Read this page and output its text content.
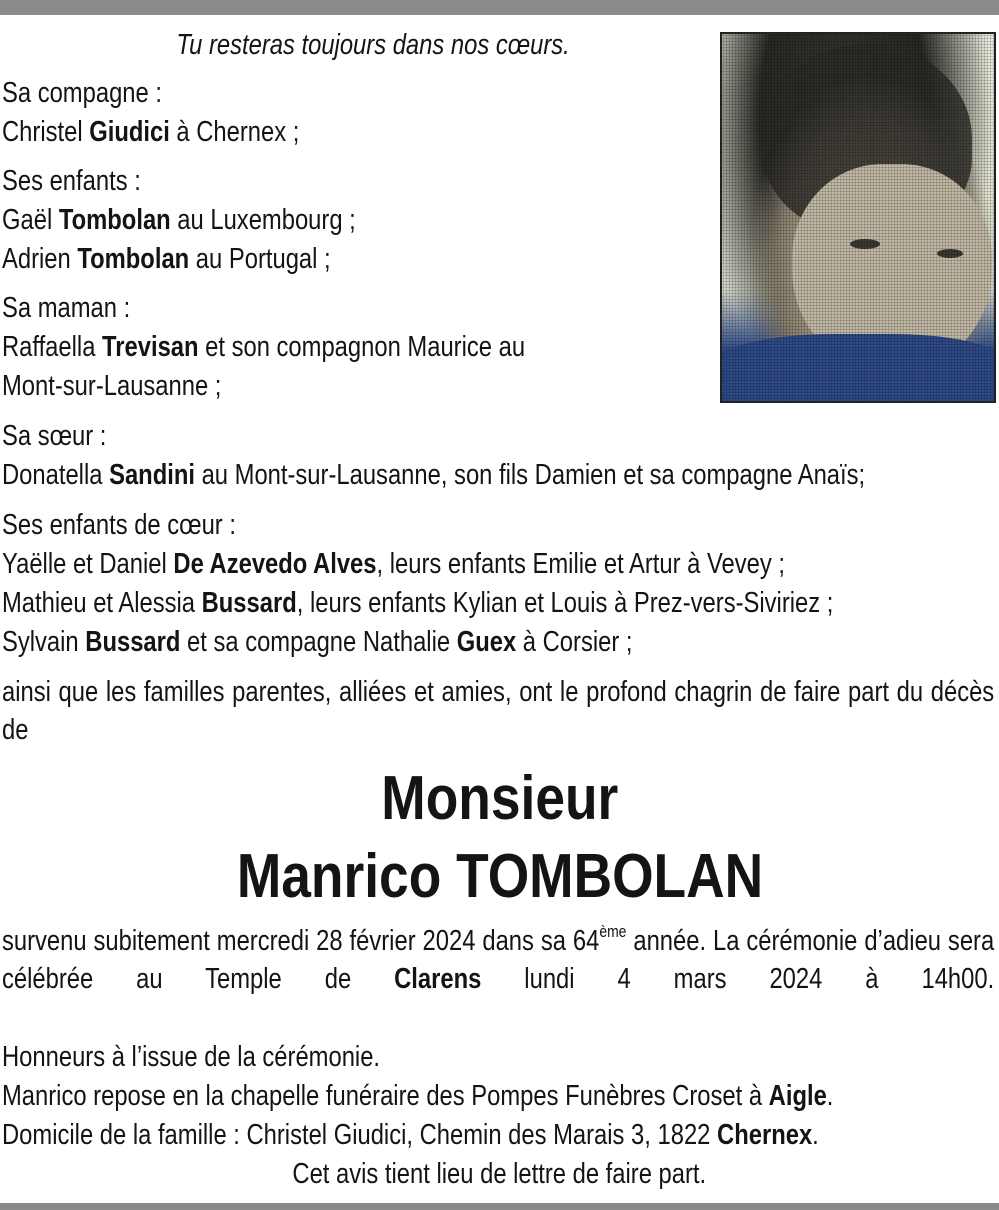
Tu resteras toujours dans nos cœurs.
Sa compagne :
Christel Giudici à Chernex ;
Ses enfants :
Gaël Tombolan au Luxembourg ;
Adrien Tombolan au Portugal ;
Sa maman :
Raffaella Trevisan et son compagnon Maurice au
Mont-sur-Lausanne ;
Sa sœur :
Donatella Sandini au Mont-sur-Lausanne, son fils Damien et sa compagne Anaïs;
Ses enfants de cœur :
Yaëlle et Daniel De Azevedo Alves, leurs enfants Emilie et Artur à Vevey ;
Mathieu et Alessia Bussard, leurs enfants Kylian et Louis à Prez-vers-Siviriez ;
Sylvain Bussard et sa compagne Nathalie Guex à Corsier ;
ainsi que les familles parentes, alliées et amies, ont le profond chagrin de faire part du décès de
Monsieur
Manrico TOMBOLAN
survenu subitement mercredi 28 février 2024 dans sa 64ème année. La cérémonie d’adieu sera célébrée au Temple de Clarens lundi 4 mars 2024 à 14h00.
Honneurs à l’issue de la cérémonie.
Manrico repose en la chapelle funéraire des Pompes Funèbres Croset à Aigle.
Domicile de la famille : Christel Giudici, Chemin des Marais 3, 1822 Chernex.
Cet avis tient lieu de lettre de faire part.
